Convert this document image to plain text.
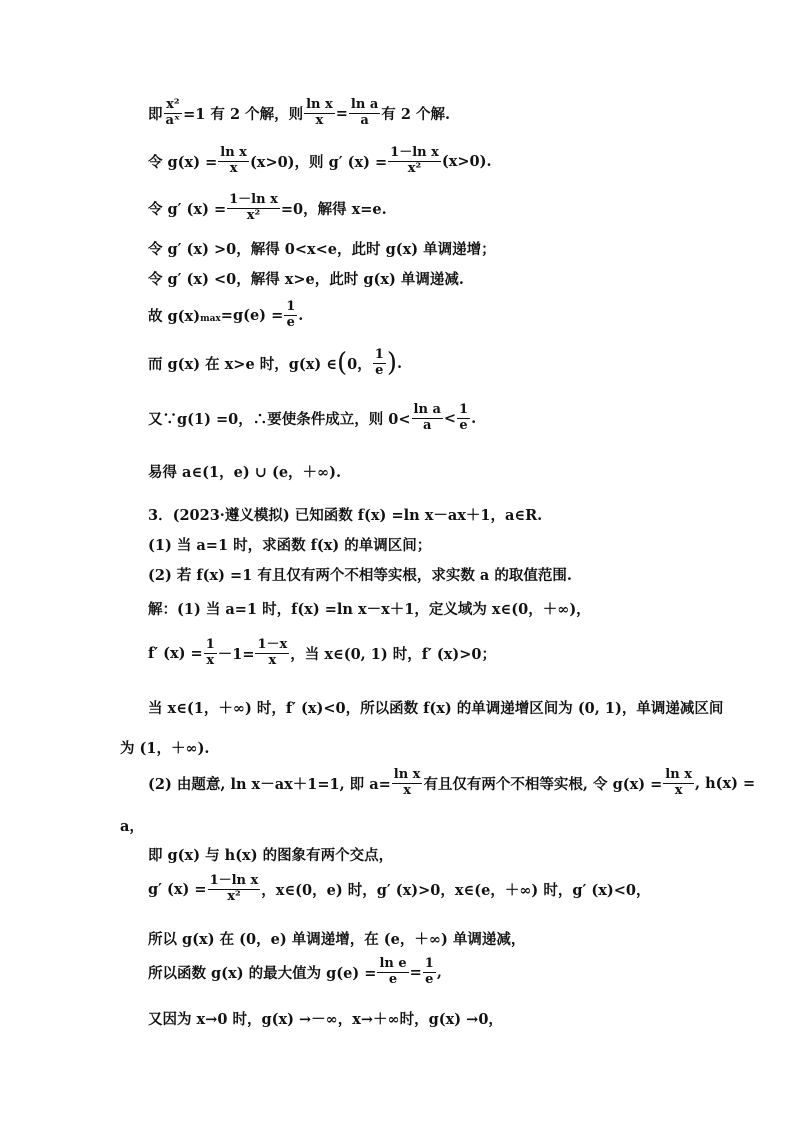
即 $\frac{\text{x²}}{\text{aˣ}} =1$ 有 2 个解，则 $\frac{\text{ln x}}{x} = \frac{\text{ln a}}{a}$ 有 2 个解.
令 $g(x) = \frac{\text{ln x}}{x} (x>0)$，则 g′ $(x) = \frac{\text{1－ln x}}{\text{x²}} (x>0)$.
令 g′ $(x) = \frac{\text{1－ln x}}{\text{x²}} =0$，解得 x=e.
令 g′ (x) >0，解得 0<x<e，此时 g(x) 单调递增；
令 g′ (x) <0，解得 x>e，此时 g(x) 单调递减.
故 $g(x)_{max} =g(e) = \frac{1}{e}$ .
而 g(x) 在 x>e 时，g(x) ∈ ( 0， $\frac{1}{e}$ ) .
又∵g(1) =0，∴要使条件成立，则 $0< \frac{\text{ln a}}{a} < \frac{1}{e}$ .
易得 a∈(1，e) ∪ (e，＋∞).
3．(2023·遵义模拟) 已知函数 f(x) =ln x－ax＋1，a∈R.
(1) 当 a=1 时，求函数 f(x) 的单调区间；
(2) 若 f(x) =1 有且仅有两个不相等实根，求实数 a 的取值范围.
解：(1) 当 a=1 时，f(x) =ln x－x＋1，定义域为 x∈(0，＋∞)，
f′ $(x) = \frac{1}{x} -1= \frac{1-x}{x}$ ，当 x∈(0, 1) 时，f′ (x)>0；
当 x∈(1，＋∞) 时，f′ (x)<0，所以函数 f(x) 的单调递增区间为 (0, 1)，单调递减区间
为 (1，＋∞).
(2) 由题意, ln x－ax＋1=1, 即 $a= \frac{\text{ln x}}{x}$ 有且仅有两个不相等实根, 令 $g(x) = \frac{\text{ln x}}{x}$ , h(x) =
a，
即 g(x) 与 h(x) 的图象有两个交点，
g′ $(x) = \frac{\text{1－ln x}}{\text{x²}}$ ，x∈(0，e) 时，g′ (x)>0，x∈(e，＋∞) 时，g′ (x)<0，
所以 g(x) 在 (0，e) 单调递增，在 (e，＋∞) 单调递减，
所以函数 g(x) 的最大值为 $g(e) = \frac{\text{ln e}}{e} = \frac{1}{e}$ ,
又因为 x→0 时，g(x) →－∞，x→＋∞时，g(x) →0，
